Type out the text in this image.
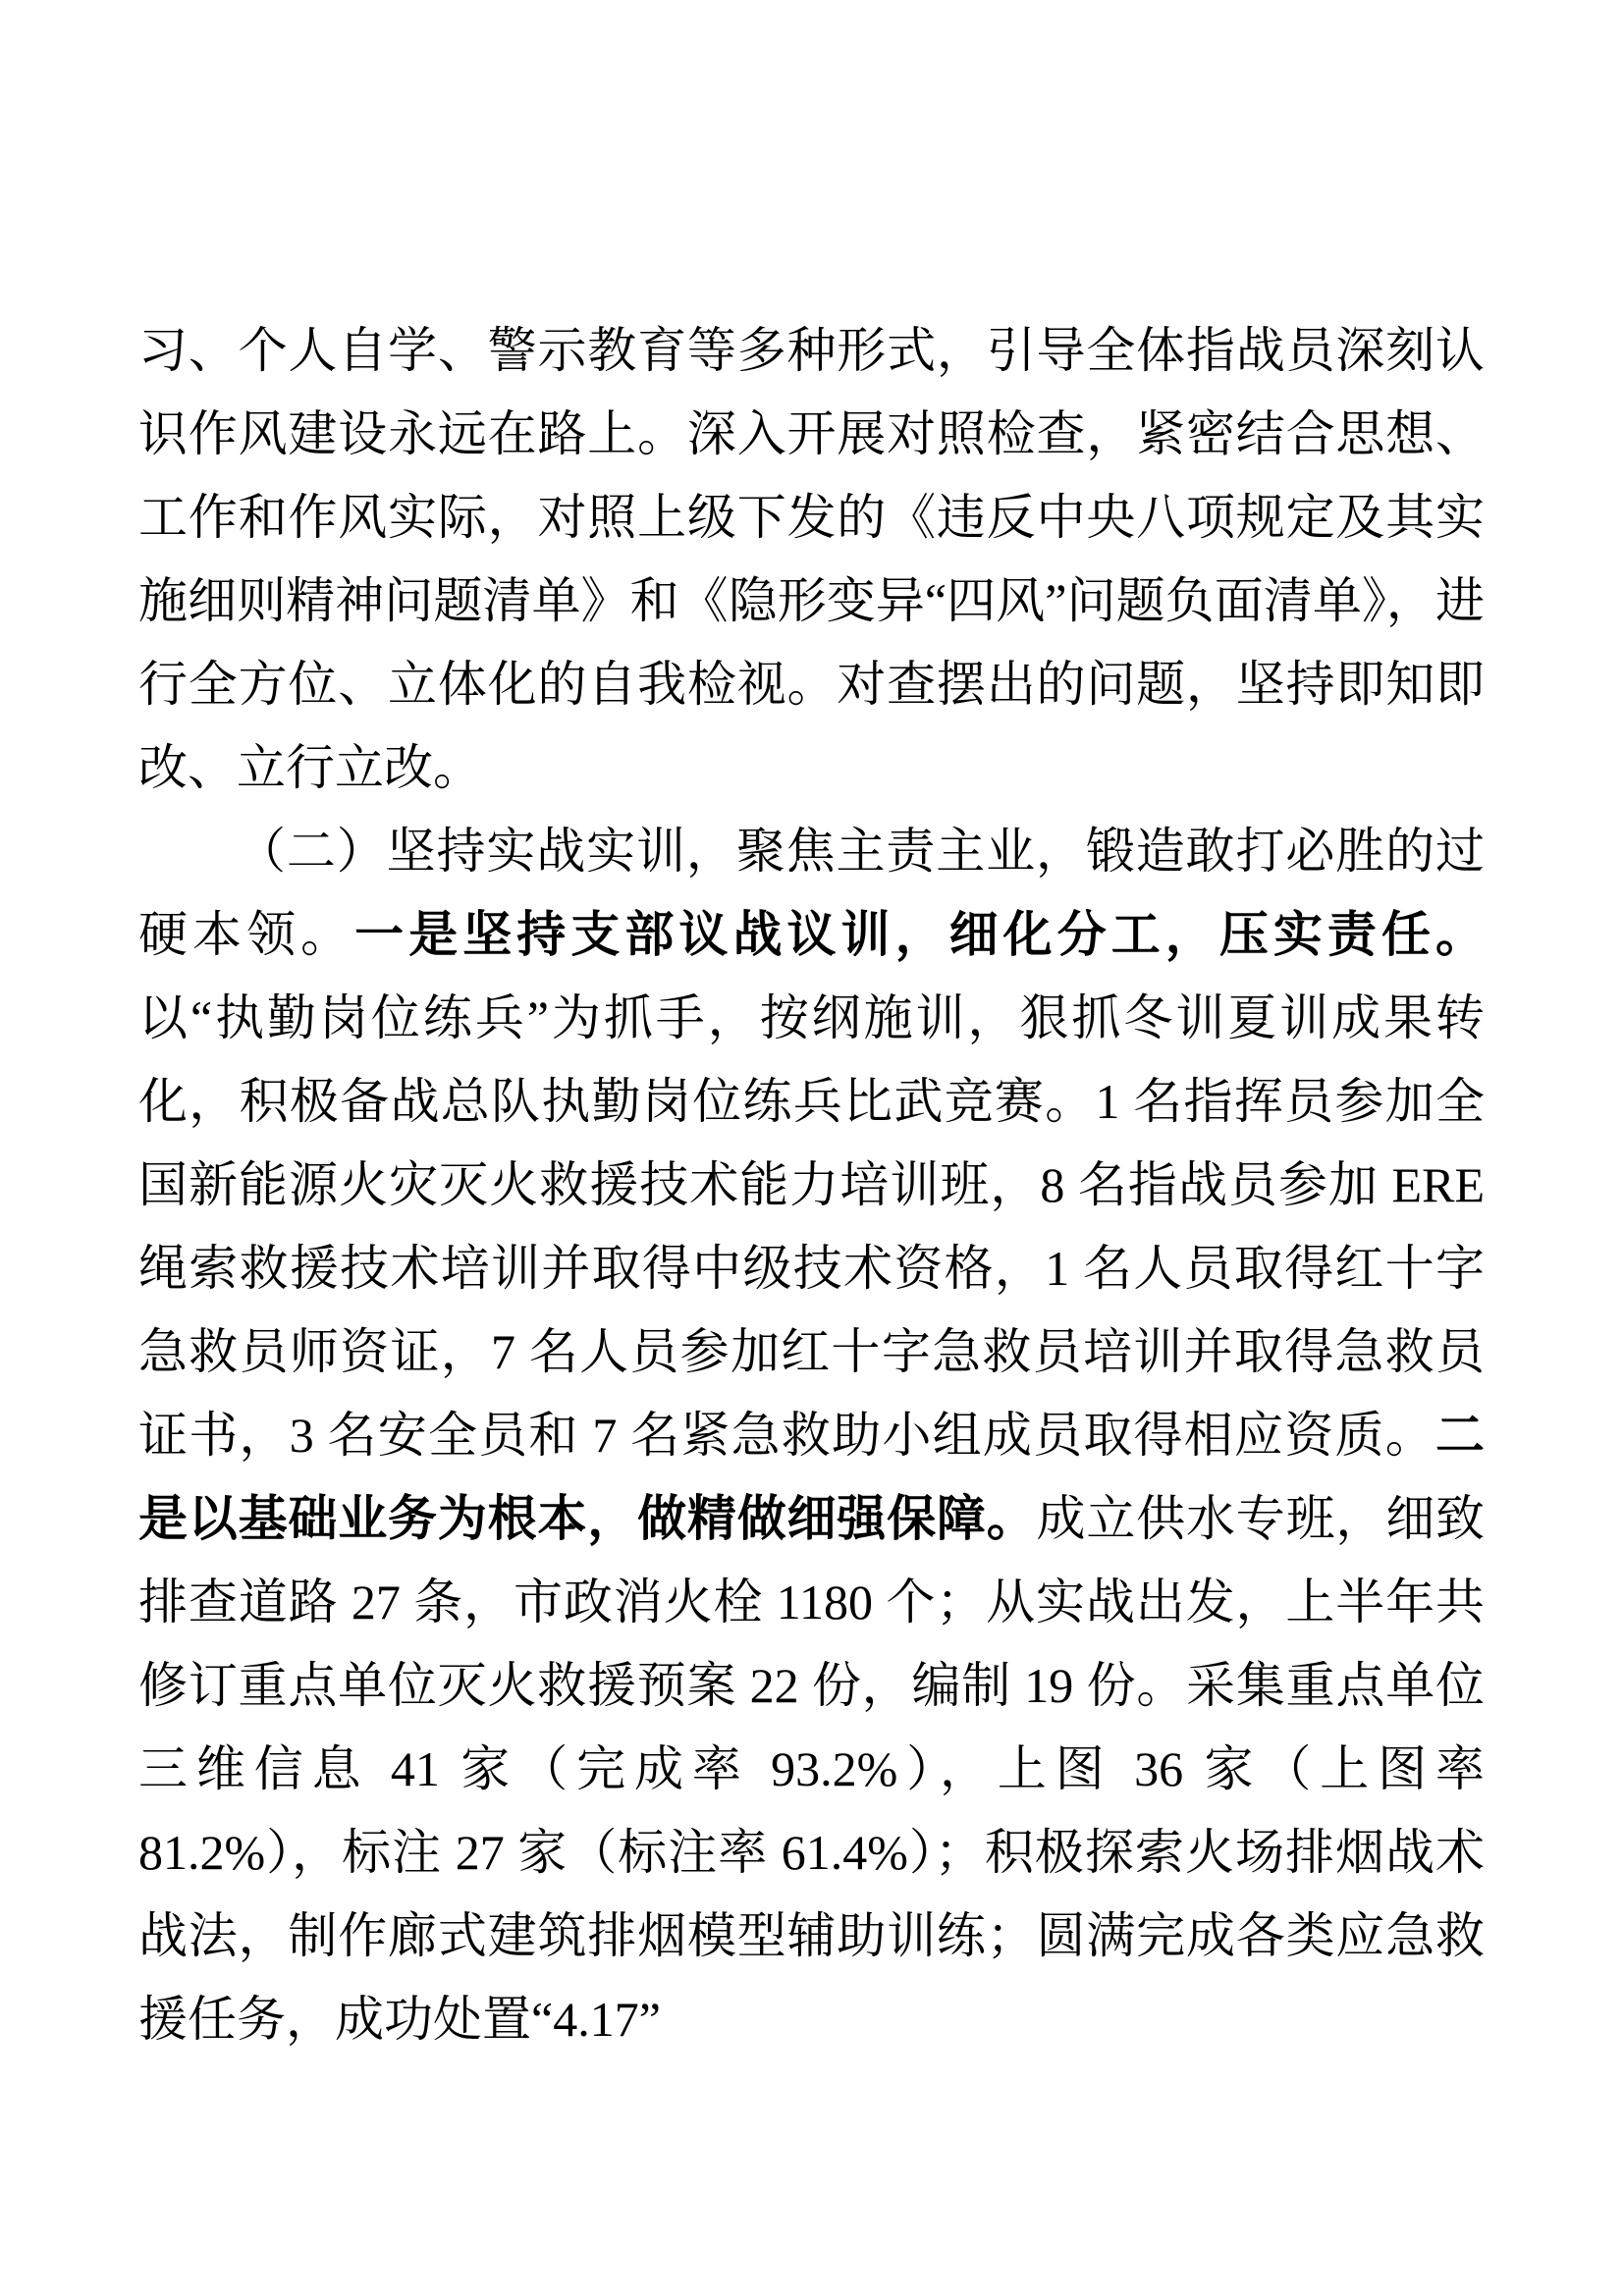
习、个人自学、警示教育等多种形式，引导全体指战员深刻认识作风建设永远在路上。深入开展对照检查，紧密结合思想、工作和作风实际，对照上级下发的《违反中央八项规定及其实施细则精神问题清单》和《隐形变异“四风”问题负面清单》，进行全方位、立体化的自我检视。对查摆出的问题，坚持即知即改、立行立改。

（二）坚持实战实训，聚焦主责主业，锻造敢打必胜的过硬本领。一是坚持支部议战议训，细化分工，压实责任。以“执勤岗位练兵”为抓手，按纲施训，狠抓冬训夏训成果转化，积极备战总队执勤岗位练兵比武竞赛。1 名指挥员参加全国新能源火灾灭火救援技术能力培训班，8 名指战员参加 ERE 绳索救援技术培训并取得中级技术资格，1 名人员取得红十字急救员师资证，7 名人员参加红十字急救员培训并取得急救员证书，3 名安全员和 7 名紧急救助小组成员取得相应资质。二是以基础业务为根本，做精做细强保障。成立供水专班，细致排查道路 27 条，市政消火栓 1180 个；从实战出发，上半年共修订重点单位灭火救援预案 22 份，编制 19 份。采集重点单位三维信息 41 家（完成率 93.2%），上图 36 家（上图率 81.2%），标注 27 家（标注率 61.4%）；积极探索火场排烟战术战法，制作廊式建筑排烟模型辅助训练；圆满完成各类应急救援任务，成功处置“4.17”
